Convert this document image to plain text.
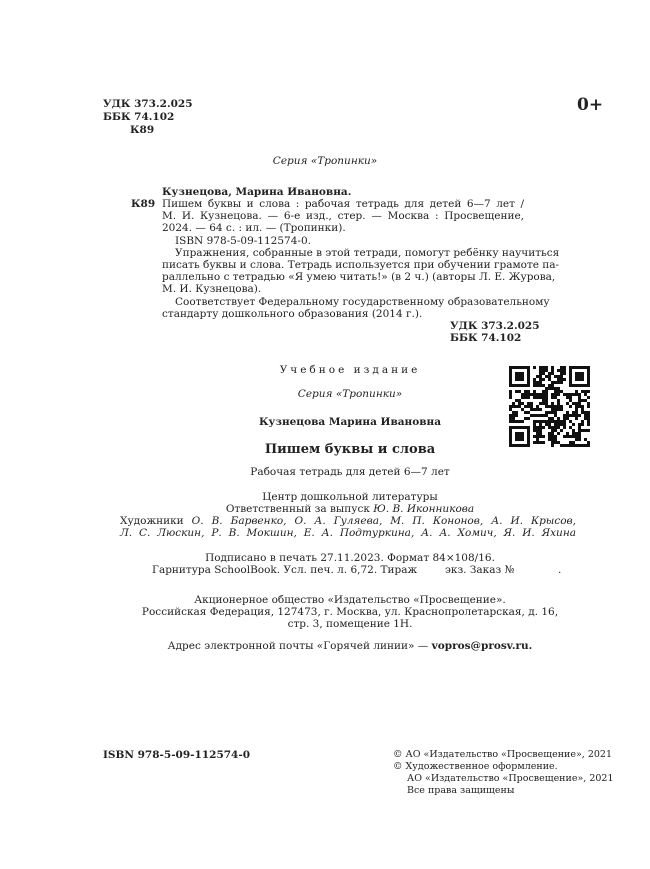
УДК 373.2.025
ББК 74.102
К89
0+
Серия «Тропинки»
Кузнецова, Марина Ивановна.
К89 Пишем буквы и слова : рабочая тетрадь для детей 6—7 лет /
М. И. Кузнецова. — 6-е изд., стер. — Москва : Просвещение,
2024. — 64 с. : ил. — (Тропинки).
ISBN 978-5-09-112574-0.
Упражнения, собранные в этой тетради, помогут ребёнку научиться
писать буквы и слова. Тетрадь используется при обучении грамоте па-
раллельно с тетрадью «Я умею читать!» (в 2 ч.) (авторы Л. Е. Журова,
М. И. Кузнецова).
Соответствует Федеральному государственному образовательному
стандарту дошкольного образования (2014 г.).
УДК 373.2.025
ББК 74.102
Учебное издание
Серия «Тропинки»
Кузнецова Марина Ивановна
Пишем буквы и слова
Рабочая тетрадь для детей 6—7 лет
Центр дошкольной литературы
Ответственный за выпуск Ю. В. Иконникова
Художники О. В. Барвенко, О. А. Гуляева, М. П. Кононов, А. И. Крысов,
Л. С. Люскин, Р. В. Мокшин, Е. А. Подтуркина, А. А. Хомич, Я. И. Яхина
Подписано в печать 27.11.2023. Формат 84×108/16.
Гарнитура SchoolBook. Усл. печ. л. 6,72. Тираж	экз. Заказ №	.
Акционерное общество «Издательство «Просвещение».
Российская Федерация, 127473, г. Москва, ул. Краснопролетарская, д. 16,
стр. 3, помещение 1Н.
Адрес электронной почты «Горячей линии» — vopros@prosv.ru.
ISBN 978-5-09-112574-0	© АО «Издательство «Просвещение», 2021
© Художественное оформление.
АО «Издательство «Просвещение», 2021
Все права защищены
